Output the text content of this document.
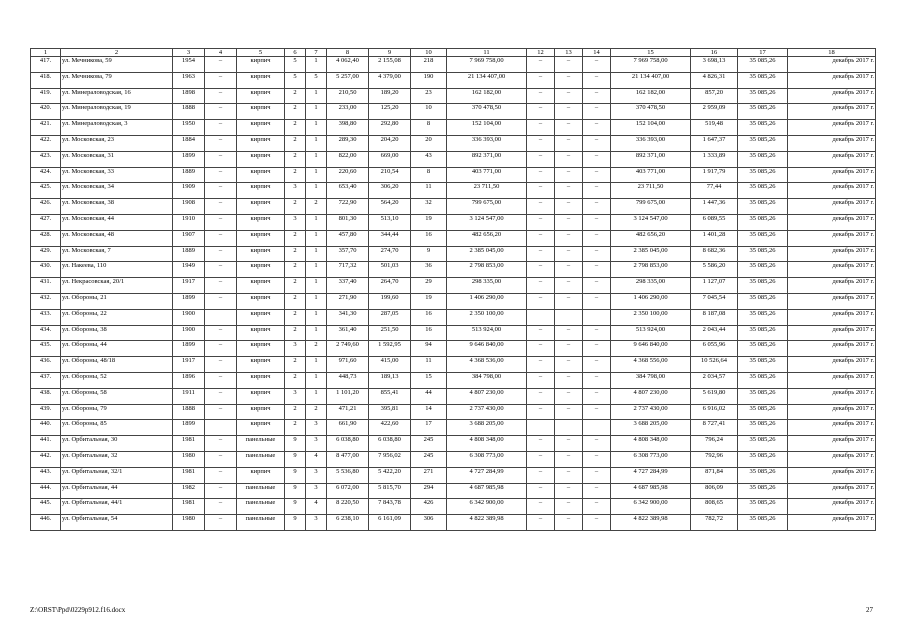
1	2	3	4	5	6	7	8	9	10	11	12	13	14	15	16	17	18
417.	ул. Мечникова, 59	1954	–	кирпич	5	1	4 062,40	2 155,08	218	7 969 758,00	–	–	–	7 969 758,00	3 698,13	35 085,26	декабрь 2017 г.
418.	ул. Мечникова, 79	1963	–	кирпич	5	5	5 257,00	4 379,00	190	21 134 407,00	–	–	–	21 134 407,00	4 826,31	35 085,26	декабрь 2017 г.
419.	ул. Минераловодская, 16	1898	–	кирпич	2	1	210,50	189,20	23	162 182,00	–	–	–	162 182,00	857,20	35 085,26	декабрь 2017 г.
420.	ул. Минераловодская, 19	1888	–	кирпич	2	1	233,00	125,20	10	370 478,50	–	–	–	370 478,50	2 959,09	35 085,26	декабрь 2017 г.
421.	ул. Минераловодская, 3	1950	–	кирпич	2	1	398,80	292,80	8	152 104,00	–	–	–	152 104,00	519,48	35 085,26	декабрь 2017 г.
422.	ул. Московская, 23	1884	–	кирпич	2	1	289,30	204,20	20	336 393,00	–	–	–	336 393,00	1 647,37	35 085,26	декабрь 2017 г.
423.	ул. Московская, 31	1899	–	кирпич	2	1	822,00	669,00	43	892 371,00	–	–	–	892 371,00	1 333,89	35 085,26	декабрь 2017 г.
424.	ул. Московская, 33	1889	–	кирпич	2	1	220,60	210,54	8	403 771,00	–	–	–	403 771,00	1 917,79	35 085,26	декабрь 2017 г.
425.	ул. Московская, 34	1909	–	кирпич	3	1	653,40	306,20	11	23 711,50	–	–	–	23 711,50	77,44	35 085,26	декабрь 2017 г.
426.	ул. Московская, 38	1908	–	кирпич	2	2	722,90	564,20	32	799 675,00	–	–	–	799 675,00	1 447,36	35 085,26	декабрь 2017 г.
427.	ул. Московская, 44	1910	–	кирпич	3	1	801,30	513,10	19	3 124 547,00	–	–	–	3 124 547,00	6 089,55	35 085,26	декабрь 2017 г.
428.	ул. Московская, 48	1907	–	кирпич	2	1	457,80	344,44	16	482 656,20	–	–	–	482 656,20	1 401,28	35 085,26	декабрь 2017 г.
429.	ул. Московская, 7	1889	–	кирпич	2	1	357,70	274,70	9	2 385 045,00	–	–	–	2 385 045,00	8 682,36	35 085,26	декабрь 2017 г.
430.	ул. Накеева, 110	1949	–	кирпич	2	1	717,32	501,03	36	2 798 853,00	–	–	–	2 798 853,00	5 586,20	35 085,26	декабрь 2017 г.
431.	ул. Некрасовская, 20/1	1917	–	кирпич	2	1	337,40	264,70	29	298 335,00	–	–	–	298 335,00	1 127,07	35 085,26	декабрь 2017 г.
432.	ул. Обороны, 21	1899	–	кирпич	2	1	271,90	199,60	19	1 406 290,00	–	–	–	1 406 290,00	7 045,54	35 085,26	декабрь 2017 г.
433.	ул. Обороны, 22	1900		кирпич	2	1	341,30	287,05	16	2 350 100,00				2 350 100,00	8 187,08	35 085,26	декабрь 2017 г.
434.	ул. Обороны, 38	1900	–	кирпич	2	1	361,40	251,50	16	513 924,00	–	–	–	513 924,00	2 043,44	35 085,26	декабрь 2017 г.
435.	ул. Обороны, 44	1899	–	кирпич	3	2	2 749,60	1 592,95	94	9 646 840,00	–	–	–	9 646 840,00	6 055,96	35 085,26	декабрь 2017 г.
436.	ул. Обороны, 48/18	1917	–	кирпич	2	1	971,60	415,00	11	4 368 536,00	–	–	–	4 368 556,00	10 526,64	35 085,26	декабрь 2017 г.
437.	ул. Обороны, 52	1896	–	кирпич	2	1	448,73	189,13	15	384 798,00	–	–	–	384 798,00	2 034,57	35 085,26	декабрь 2017 г.
438.	ул. Обороны, 58	1911	–	кирпич	3	1	1 101,20	855,41	44	4 807 230,00	–	–	–	4 807 230,00	5 619,80	35 085,26	декабрь 2017 г.
439.	ул. Обороны, 79	1888	–	кирпич	2	2	471,21	395,81	14	2 737 430,00	–	–	–	2 737 430,00	6 916,02	35 085,26	декабрь 2017 г.
440.	ул. Обороны, 85	1899		кирпич	2	3	661,90	422,60	17	3 688 205,00				3 688 205,00	8 727,41	35 085,26	декабрь 2017 г.
441.	ул. Орбитальная, 30	1981	–	панельные	9	3	6 038,80	6 038,80	245	4 808 348,00	–	–	–	4 808 348,00	796,24	35 085,26	декабрь 2017 г.
442.	ул. Орбитальная, 32	1980	–	панельные	9	4	8 477,00	7 956,02	245	6 308 773,00	–	–	–	6 308 773,00	792,96	35 085,26	декабрь 2017 г.
443.	ул. Орбитальная, 32/1	1981	–	кирпич	9	3	5 536,80	5 422,20	271	4 727 284,99	–	–	–	4 727 284,99	871,84	35 085,26	декабрь 2017 г.
444.	ул. Орбитальная, 44	1982	–	панельные	9	3	6 072,00	5 815,70	294	4 687 985,98	–	–	–	4 687 985,98	806,09	35 085,26	декабрь 2017 г.
445.	ул. Орбитальная, 44/1	1981	–	панельные	9	4	8 220,50	7 843,78	426	6 342 900,00	–	–	–	6 342 900,00	808,65	35 085,26	декабрь 2017 г.
446.	ул. Орбитальная, 54	1980	–	панельные	9	3	6 238,10	6 161,09	306	4 822 389,98	–	–	–	4 822 389,98	782,72	35 085,26	декабрь 2017 г.
Z:\ORST\Ppd\0229p912.f16.docx	27
